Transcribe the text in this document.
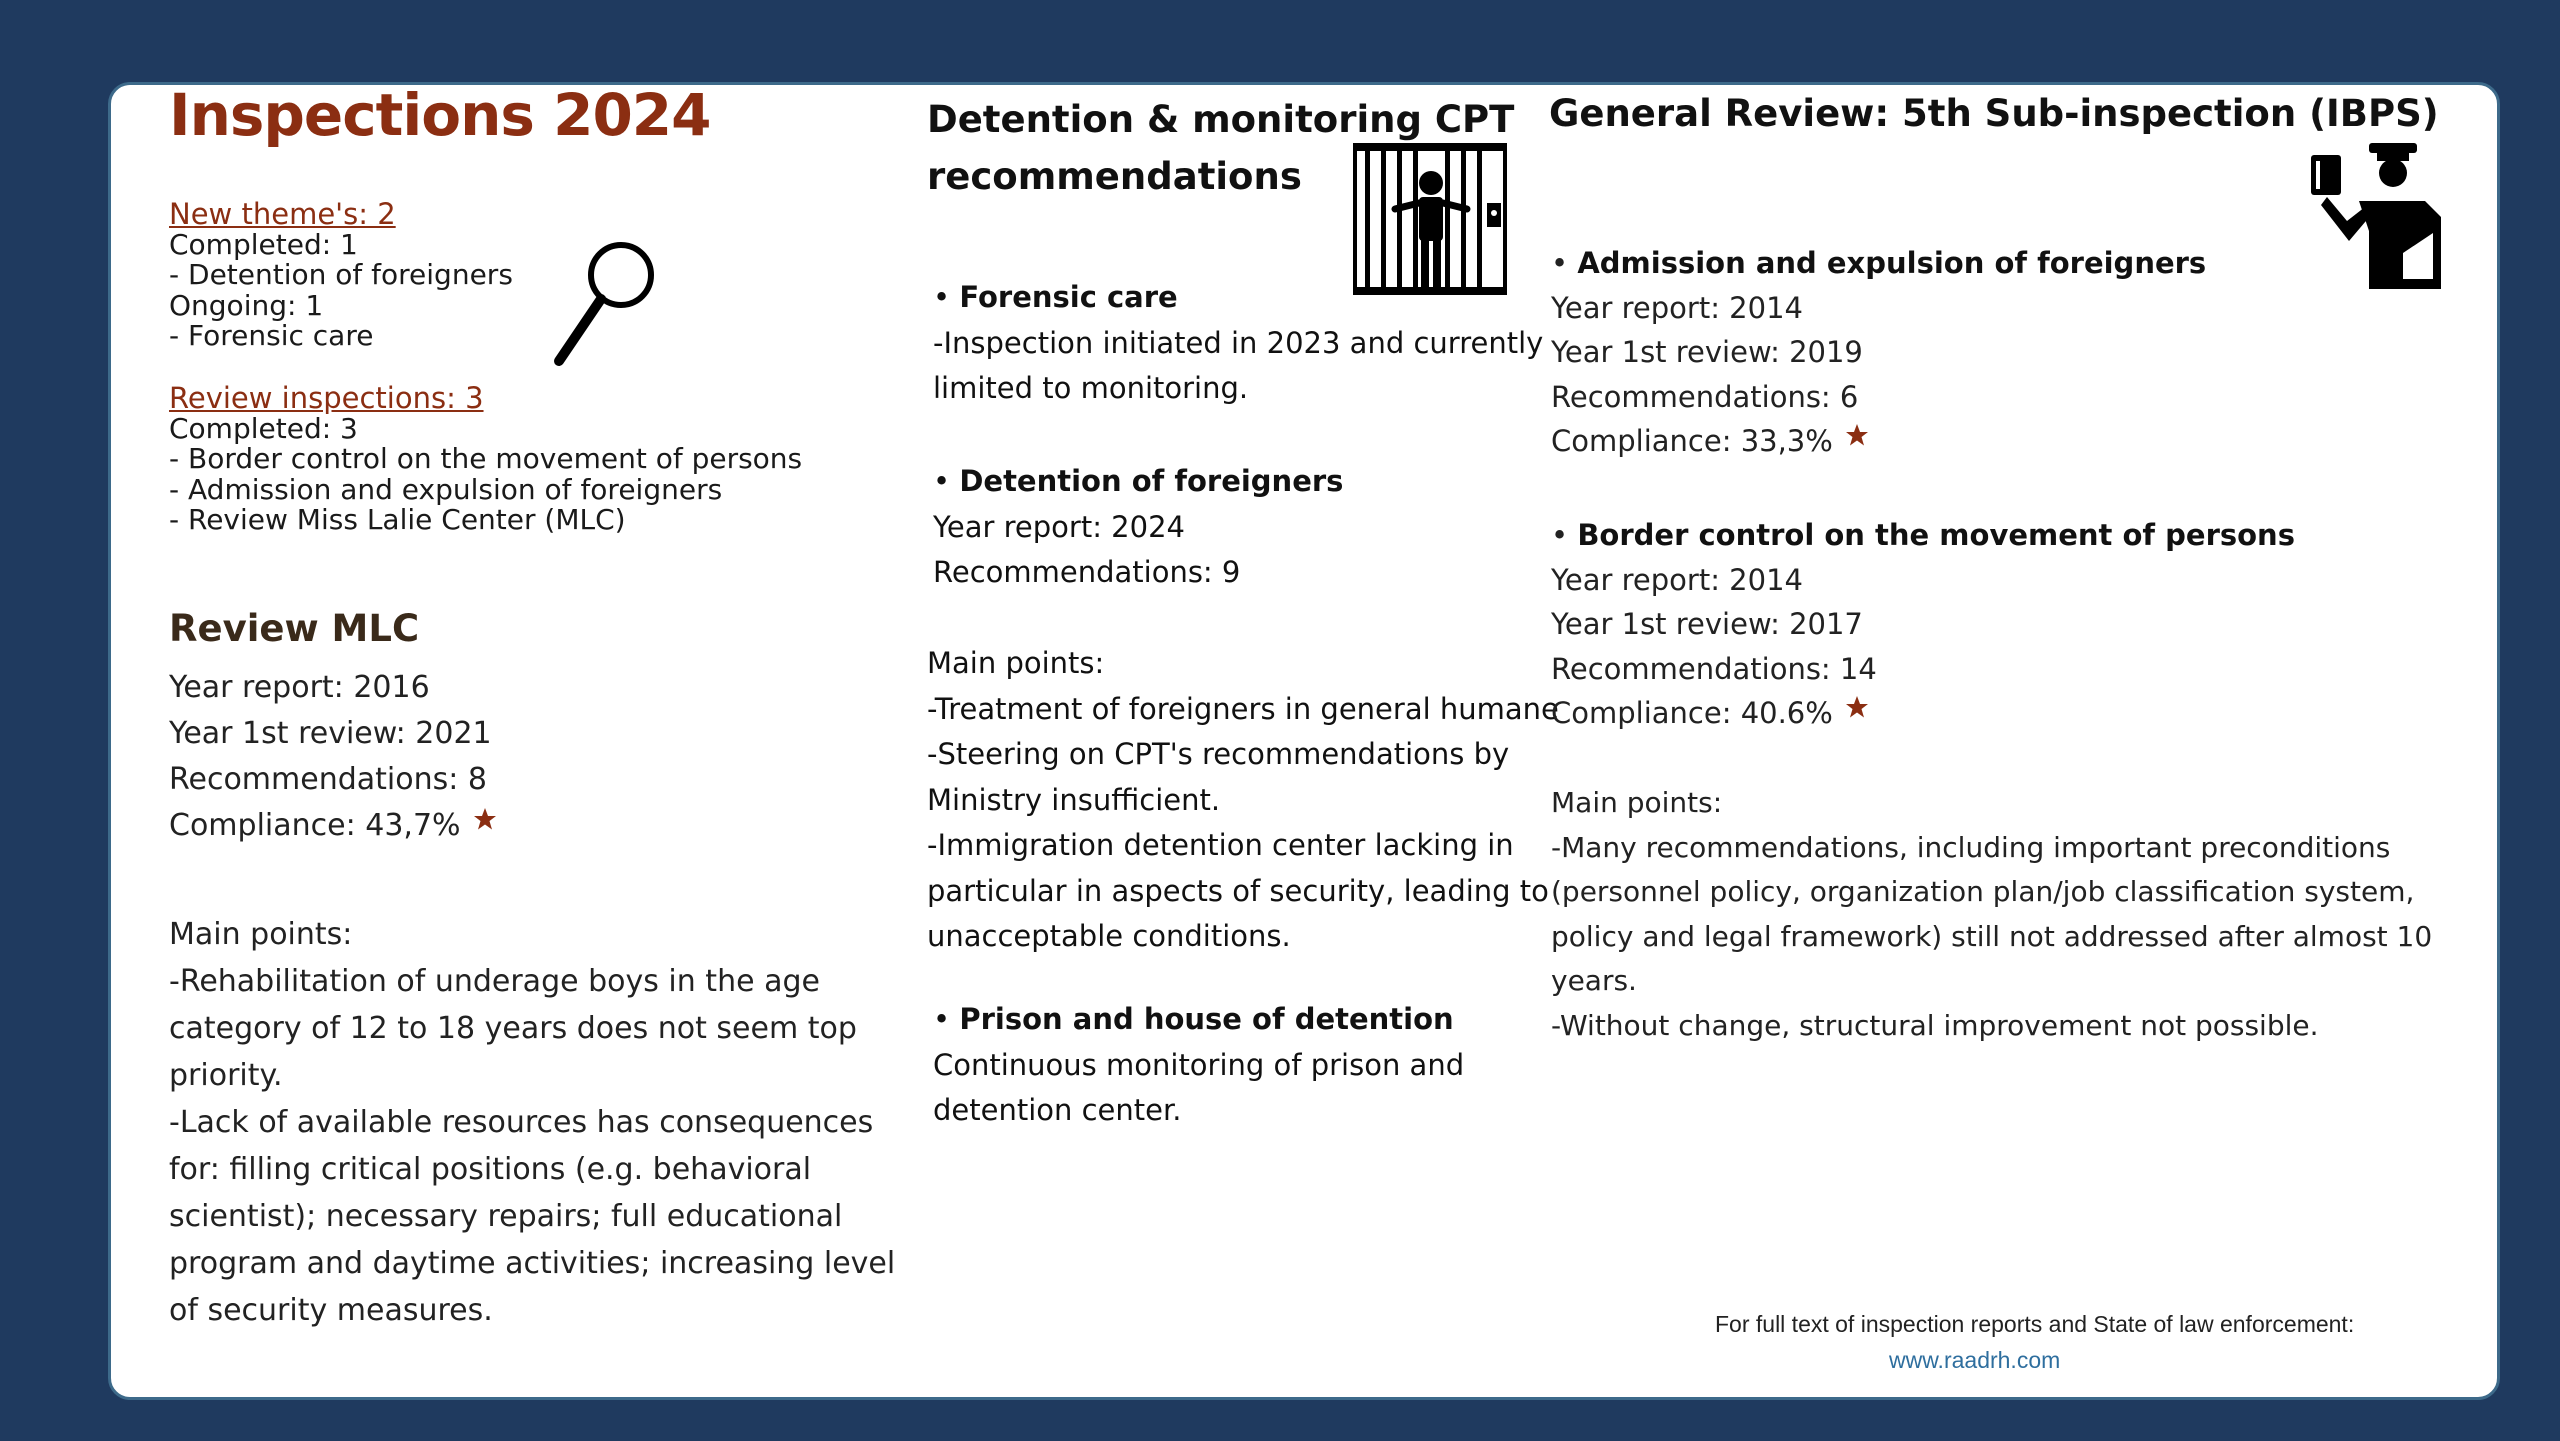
Inspections 2024
New theme's: 2
Completed: 1
- Detention of foreigners
Ongoing: 1
- Forensic care
Review inspections: 3
Completed: 3
- Border control on the movement of persons
- Admission and expulsion of foreigners
- Review Miss Lalie Center (MLC)
Review MLC
Year report: 2016
Year 1st review: 2021
Recommendations: 8
Compliance: 43,7%
Main points:
-Rehabilitation of underage boys in the age
category of 12 to 18 years does not seem top
priority.
-Lack of available resources has consequences
for: filling critical positions (e.g. behavioral
scientist); necessary repairs; full educational
program and daytime activities; increasing level
of security measures.
Detention & monitoring CPT
recommendations
• Forensic care
-Inspection initiated in 2023 and currently
limited to monitoring.
• Detention of foreigners
Year report: 2024
Recommendations: 9
Main points:
-Treatment of foreigners in general humane
-Steering on CPT's recommendations by
Ministry insufficient.
-Immigration detention center lacking in
particular in aspects of security, leading to
unacceptable conditions.
• Prison and house of detention
Continuous monitoring of prison and
detention center.
General Review: 5th Sub-inspection (IBPS)
• Admission and expulsion of foreigners
Year report: 2014
Year 1st review: 2019
Recommendations: 6
Compliance: 33,3%
• Border control on the movement of persons
Year report: 2014
Year 1st review: 2017
Recommendations: 14
Compliance: 40.6%
Main points:
-Many recommendations, including important preconditions
(personnel policy, organization plan/job classification system,
policy and legal framework) still not addressed after almost 10
years.
-Without change, structural improvement not possible.
For full text of inspection reports and State of law enforcement:
www.raadrh.com
